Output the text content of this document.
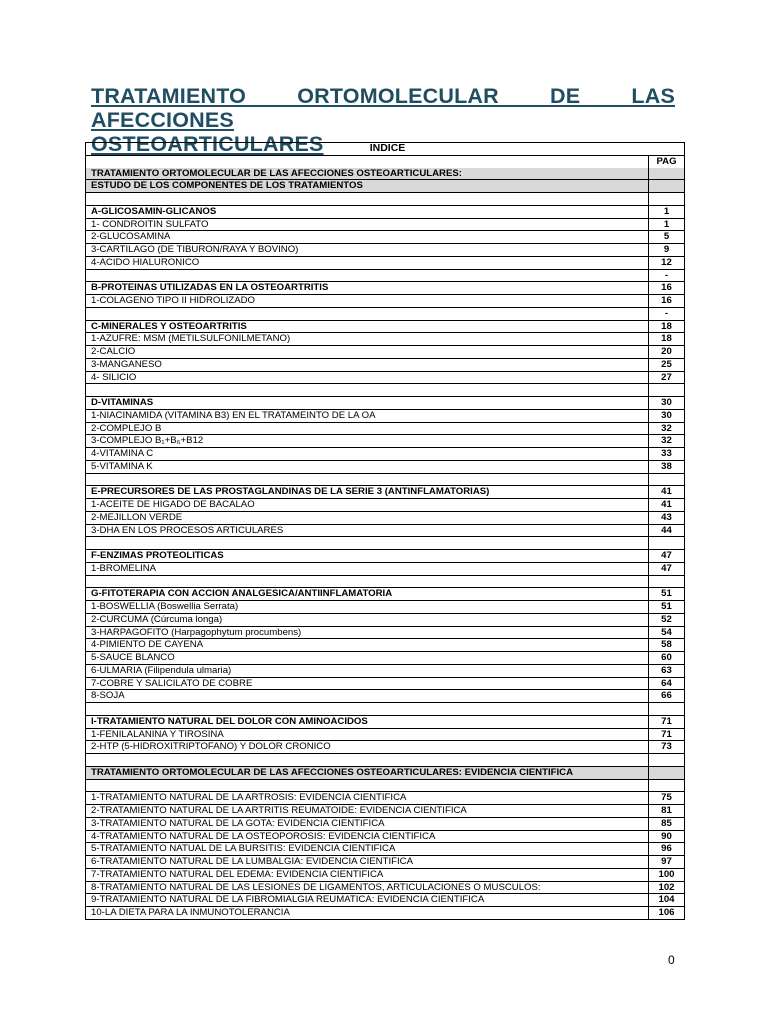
TRATAMIENTO ORTOMOLECULAR DE LAS AFECCIONES
OSTEOARTICULARES	INDICE	
	PAG
TRATAMIENTO ORTOMOLECULAR DE LAS AFECCIONES OSTEOARTICULARES:	
ESTUDO DE LOS COMPONENTES DE LOS TRATAMIENTOS	

A-GLICOSAMIN-GLICANOS	1
1- CONDROITIN SULFATO	1
2-GLUCOSAMINA	5
3-CARTILAGO (DE TIBURON/RAYA Y BOVINO)	9
4-ACIDO HIALURONICO	12
	-
B-PROTEINAS UTILIZADAS EN LA OSTEOARTRITIS	16
1-COLAGENO TIPO II HIDROLIZADO	16
	-
C-MINERALES Y OSTEOARTRITIS	18
1-AZUFRE: MSM (METILSULFONILMETANO)	18
2-CALCIO	20
3-MANGANESO	25
4- SILICIO	27

D-VITAMINAS	30
1-NIACINAMIDA (VITAMINA B3) EN EL TRATAMEINTO DE LA OA	30
2-COMPLEJO B	32
3-COMPLEJO B₁+B₆+B12	32
4-VITAMINA C	33
5-VITAMINA K	38

E-PRECURSORES DE LAS PROSTAGLANDINAS DE LA SERIE 3 (ANTINFLAMATORIAS)	41
1-ACEITE DE HIGADO DE BACALAO	41
2-MEJILLON VERDE	43
3-DHA EN LOS PROCESOS ARTICULARES	44

F-ENZIMAS PROTEOLITICAS	47
1-BROMELINA	47

G-FITOTERAPIA CON ACCION ANALGESICA/ANTIINFLAMATORIA	51
1-BOSWELLIA (Boswellia Serrata)	51
2-CURCUMA (Cúrcuma longa)	52
3-HARPAGOFITO (Harpagophytum procumbens)	54
4-PIMIENTO DE CAYENA	58
5-SAUCE BLANCO	60
6-ULMARIA (Filipendula ulmaria)	63
7-COBRE Y SALICILATO DE COBRE	64
8-SOJA	66

I-TRATAMIENTO NATURAL DEL DOLOR CON AMINOACIDOS	71
1-FENILALANINA Y TIROSINA	71
2-HTP (5-HIDROXITRIPTOFANO) Y DOLOR CRONICO	73

TRATAMIENTO ORTOMOLECULAR DE LAS AFECCIONES OSTEOARTICULARES: EVIDENCIA CIENTIFICA	

1-TRATAMIENTO NATURAL DE LA ARTROSIS: EVIDENCIA CIENTIFICA	75
2-TRATAMIENTO NATURAL DE LA ARTRITIS REUMATOIDE: EVIDENCIA CIENTIFICA	81
3-TRATAMIENTO NATURAL DE LA GOTA: EVIDENCIA CIENTIFICA	85
4-TRATAMIENTO NATURAL DE LA OSTEOPOROSIS: EVIDENCIA CIENTIFICA	90
5-TRATAMIENTO NATUAL DE LA BURSITIS: EVIDENCIA CIENTIFICA	96
6-TRATAMIENTO NATURAL DE LA LUMBALGIA: EVIDENCIA CIENTIFICA	97
7-TRATAMIENTO NATURAL DEL EDEMA: EVIDENCIA CIENTIFICA	100
8-TRATAMIENTO NATURAL DE LAS LESIONES DE LIGAMENTOS, ARTICULACIONES O MUSCULOS:	102
9-TRATAMIENTO NATURAL DE LA FIBROMIALGIA REUMATICA: EVIDENCIA CIENTIFICA	104
10-LA DIETA PARA LA INMUNOTOLERANCIA	106
0
